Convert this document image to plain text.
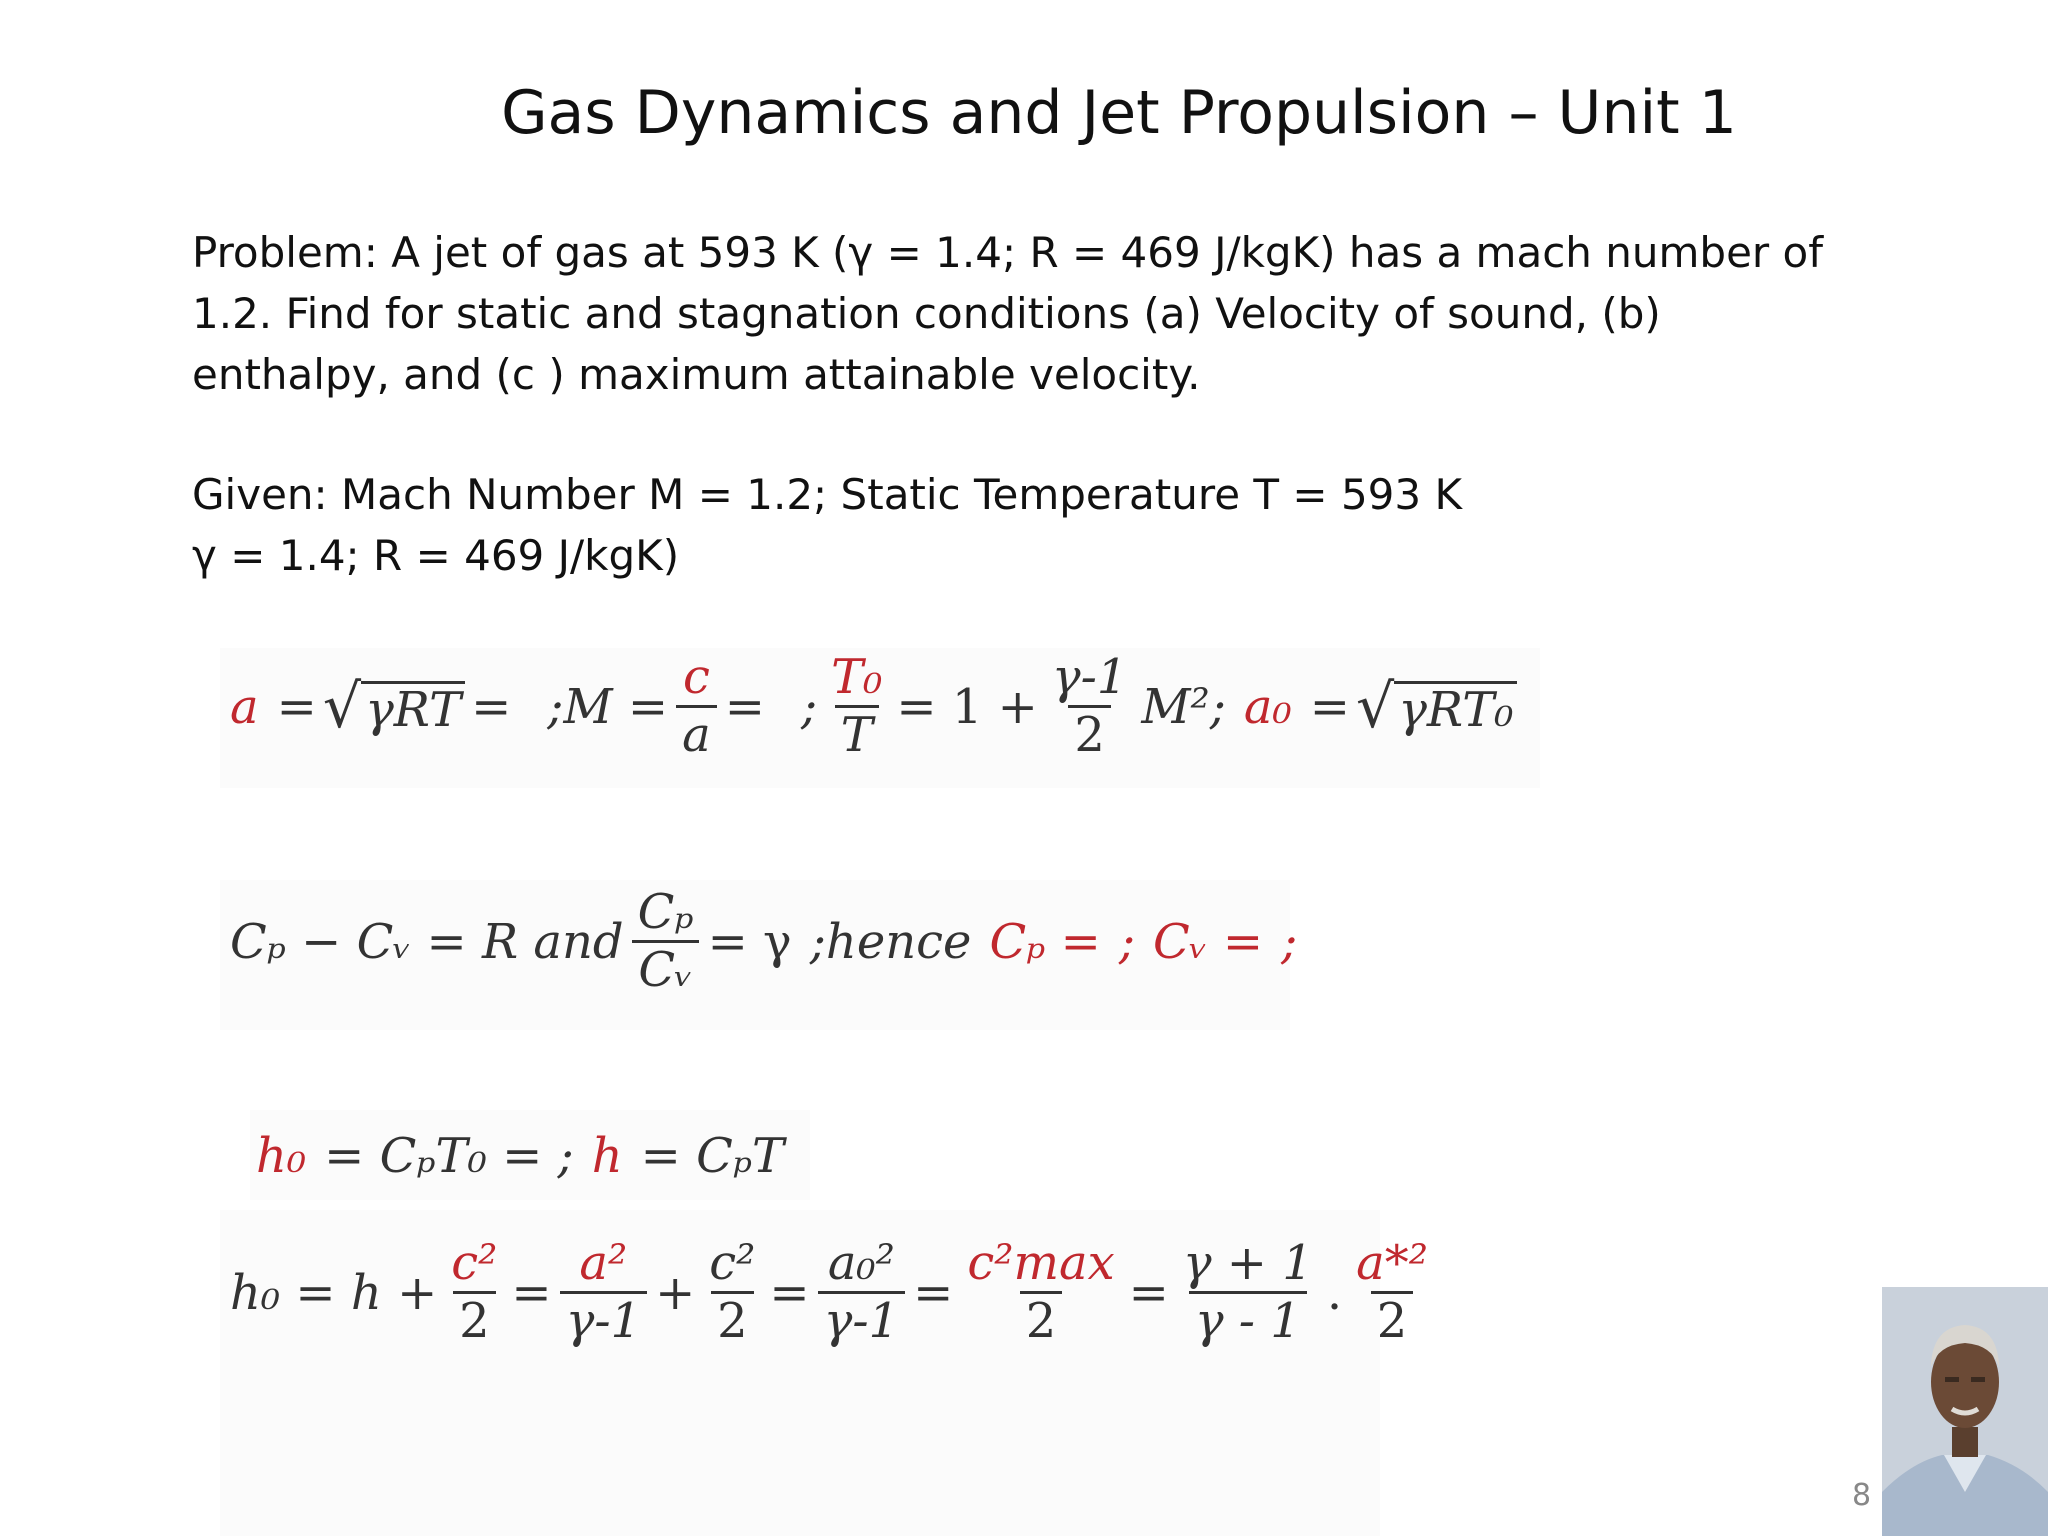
Gas Dynamics and Jet Propulsion – Unit 1
Problem: A jet of gas at 593 K (γ = 1.4; R = 469 J/kgK) has a mach number of
1.2. Find for static and stagnation conditions (a) Velocity of sound, (b)
enthalpy, and (c ) maximum attainable velocity.
Given: Mach Number M = 1.2; Static Temperature T = 593 K
γ = 1.4; R = 469 J/kgK)
a = √ γRT = ;M = $\frac{c}{a}$ = ; $\frac{\text{T₀}}{T} = 1 + \frac{\gamma-1}{2} M^2$; a₀ = √ γRT₀
Cₚ − Cᵥ = R and $\frac{\text{Cₚ}}{\text{Cᵥ}} = \gamma$ ;hence Cₚ = ; Cᵥ = ;
h₀ = CₚT₀ = ; h = CₚT
$h_0 = h + \frac{\text{c²}}{2} = \frac{\text{a²}}{\gamma-1} + \frac{\text{c²}}{2} = \frac{\text{a₀²}}{\gamma-1} = \frac{\text{c²max}}{2} = \frac{\gamma + 1}{\gamma - 1}$ . $\frac{\text{a*²}}{2}$
8
